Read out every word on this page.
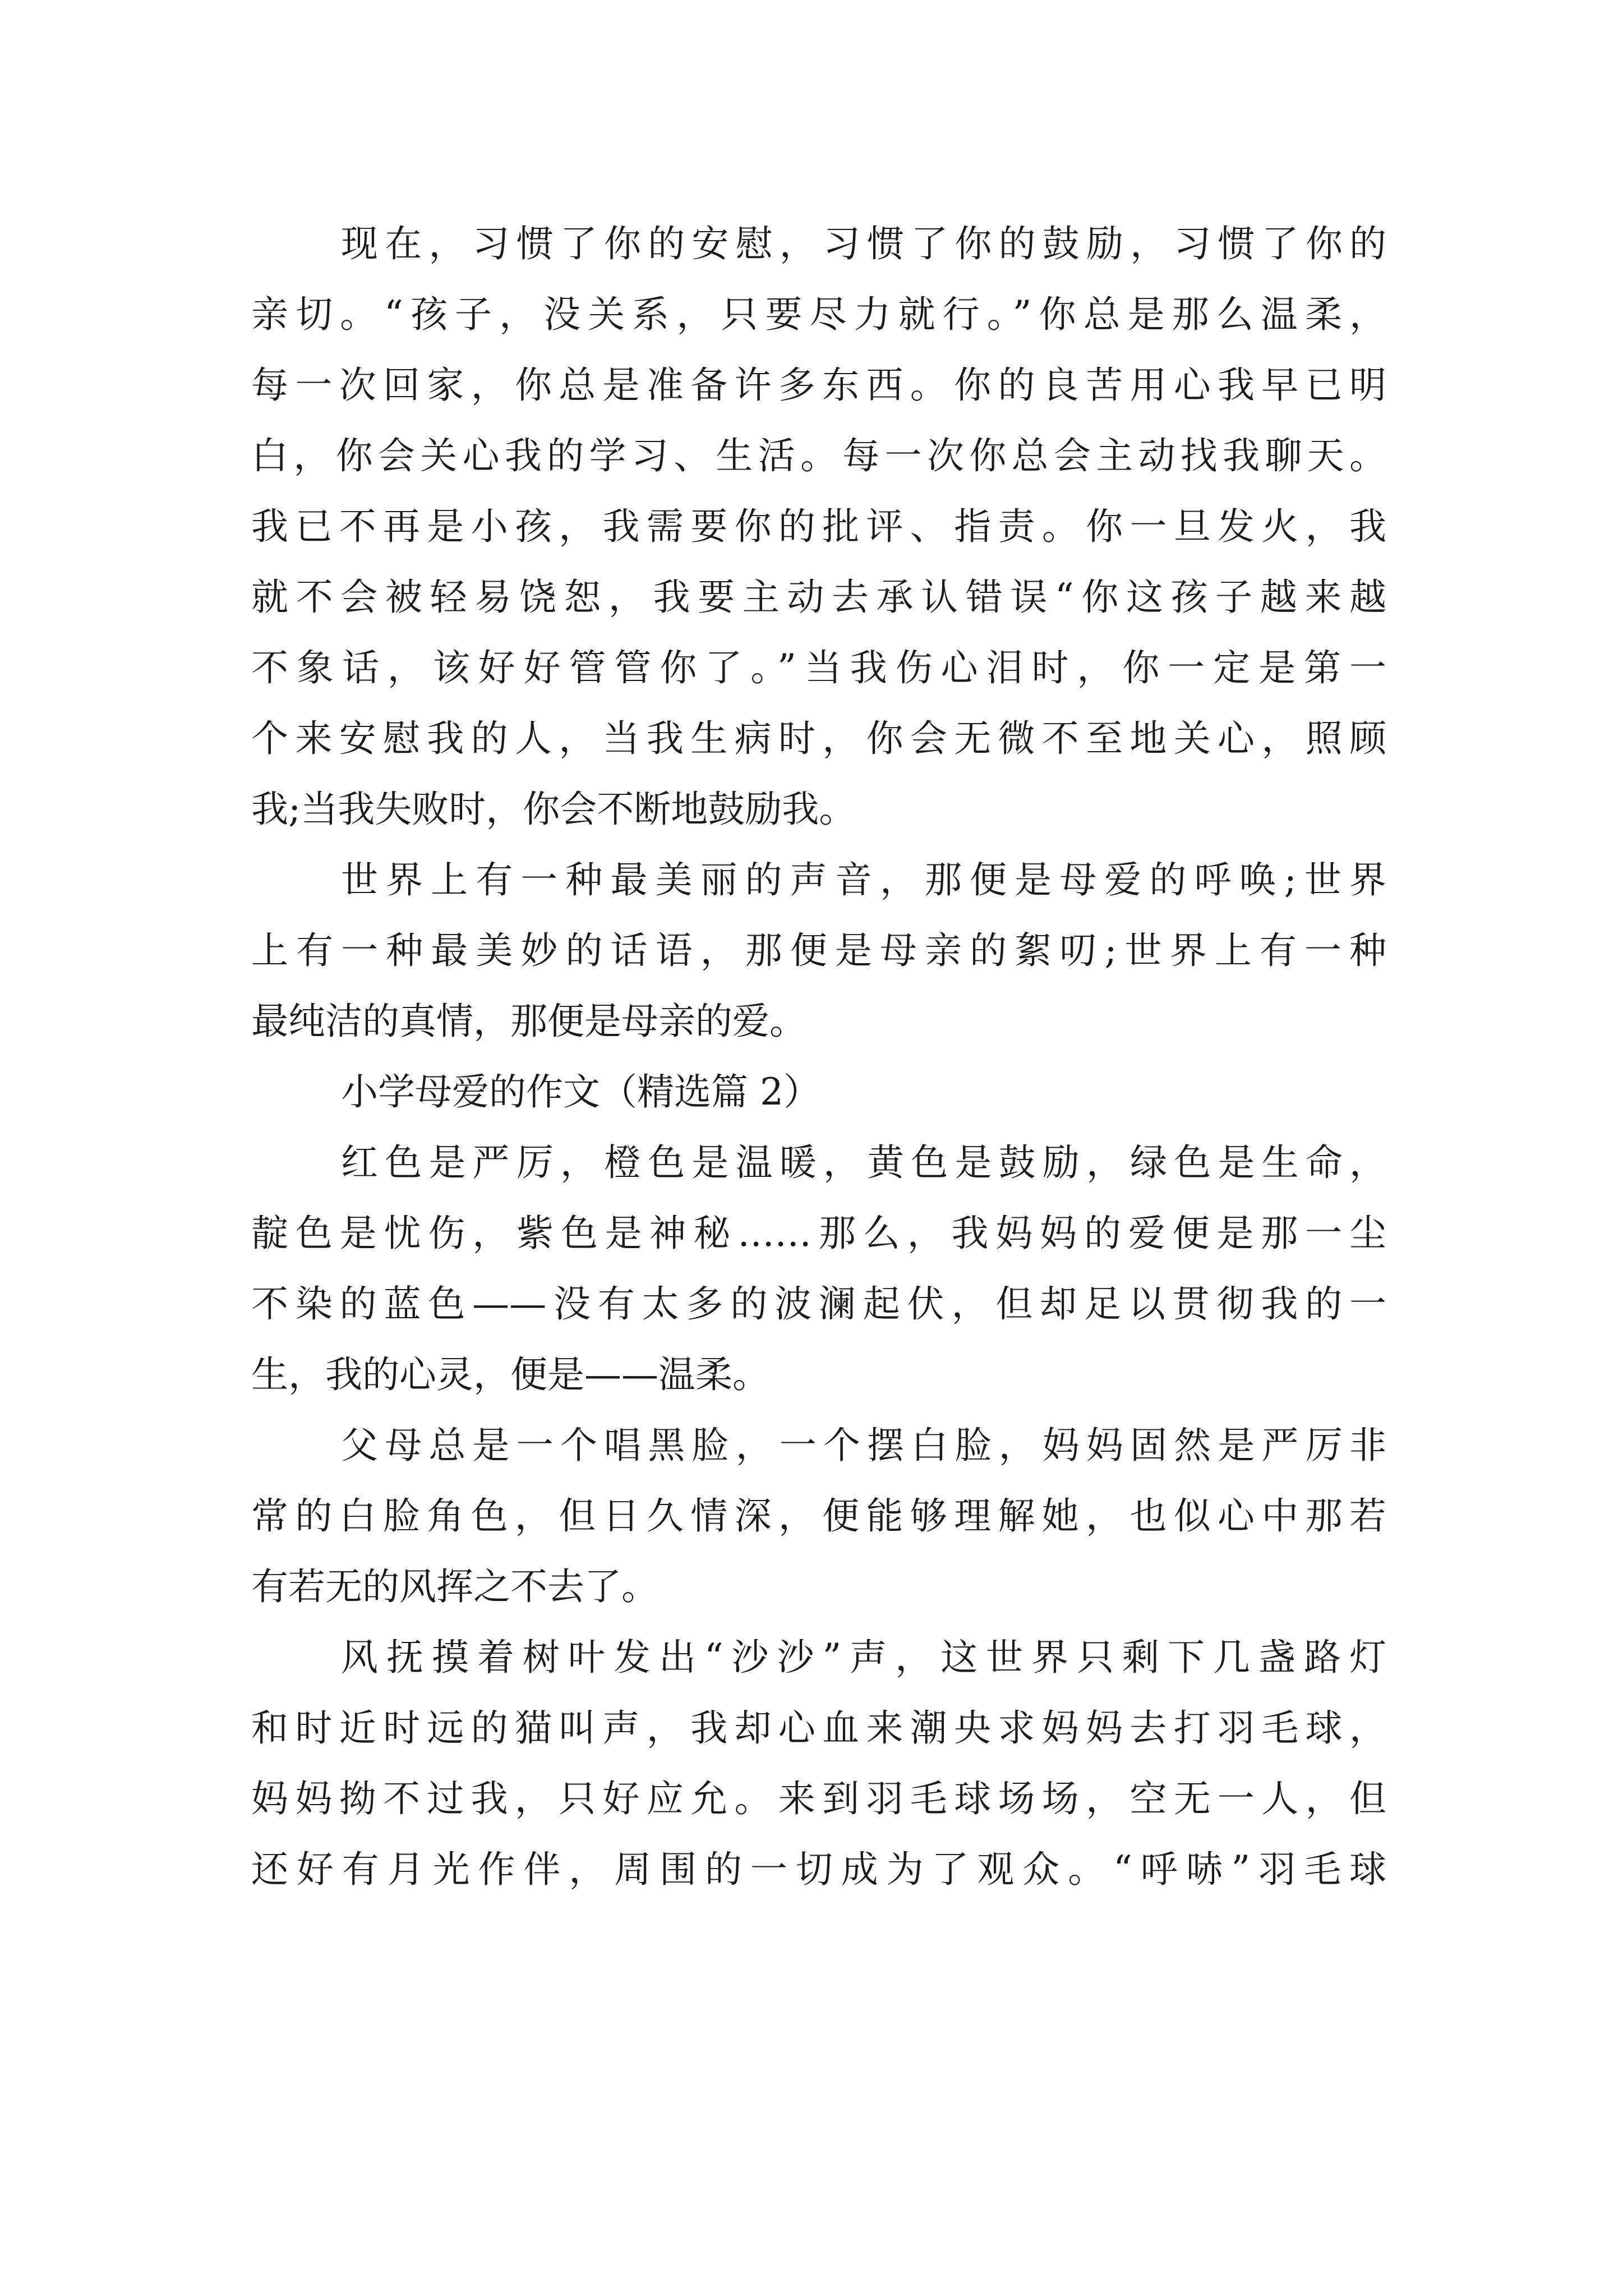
现在，习惯了你的安慰，习惯了你的鼓励，习惯了你的
亲切。“孩子，没关系，只要尽力就行。”你总是那么温柔，
每一次回家，你总是准备许多东西。你的良苦用心我早已明
白，你会关心我的学习、生活。每一次你总会主动找我聊天。
我已不再是小孩，我需要你的批评、指责。你一旦发火，我
就不会被轻易饶恕，我要主动去承认错误“你这孩子越来越
不象话，该好好管管你了。”当我伤心泪时，你一定是第一
个来安慰我的人，当我生病时，你会无微不至地关心，照顾
我;当我失败时，你会不断地鼓励我。
世界上有一种最美丽的声音，那便是母爱的呼唤;世界
上有一种最美妙的话语，那便是母亲的絮叨;世界上有一种
最纯洁的真情，那便是母亲的爱。
小学母爱的作文（精选篇 2）
红色是严厉，橙色是温暖，黄色是鼓励，绿色是生命，
靛色是忧伤，紫色是神秘……那么，我妈妈的爱便是那一尘
不染的蓝色——没有太多的波澜起伏，但却足以贯彻我的一
生，我的心灵，便是——温柔。
父母总是一个唱黑脸，一个摆白脸，妈妈固然是严厉非
常的白脸角色，但日久情深，便能够理解她，也似心中那若
有若无的风挥之不去了。
风抚摸着树叶发出“沙沙”声，这世界只剩下几盏路灯
和时近时远的猫叫声，我却心血来潮央求妈妈去打羽毛球，
妈妈拗不过我，只好应允。来到羽毛球场场，空无一人，但
还好有月光作伴，周围的一切成为了观众。“呼哧”羽毛球
